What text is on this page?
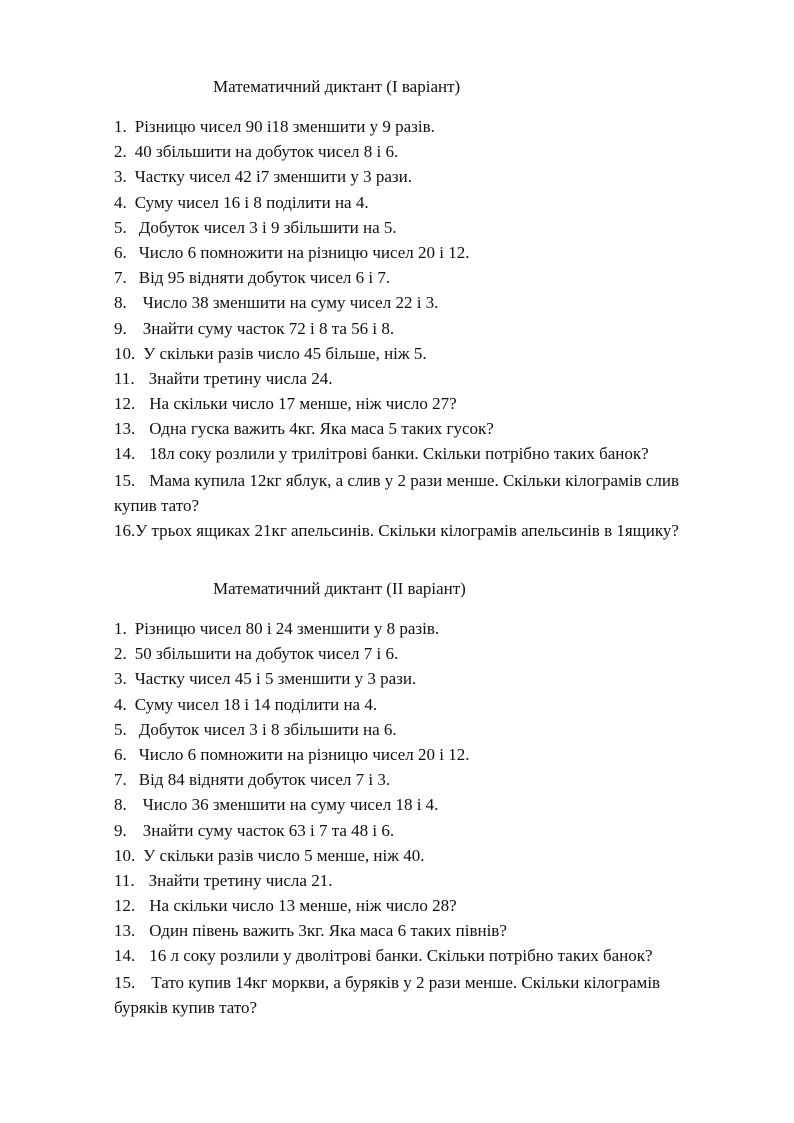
Математичний диктант (І варіант)
1. Різницю чисел 90 і18 зменшити у 9 разів.
2. 40 збільшити на добуток чисел 8 і 6.
3. Частку чисел 42 і7 зменшити у 3 рази.
4. Суму чисел 16 і 8 поділити на 4.
5. Добуток чисел 3 і 9 збільшити на 5.
6. Число 6 помножити на різницю чисел 20 і 12.
7. Від 95 відняти добуток чисел 6 і 7.
8. Число 38 зменшити на суму чисел 22 і 3.
9. Знайти суму часток 72 і 8 та 56 і 8.
10. У скільки разів число 45 більше, ніж 5.
11. Знайти третину числа 24.
12. На скільки число 17 менше, ніж число 27?
13. Одна гуска важить 4кг. Яка маса 5 таких гусок?
14. 18л соку розлили у трилітрові банки. Скільки потрібно таких банок?
15. Мама купила 12кг яблук, а слив у 2 рази менше. Скільки кілограмів слив
купив тато?
16. У трьох ящиках 21кг апельсинів. Скільки кілограмів апельсинів в 1ящику?
Математичний диктант (ІІ варіант)
1. Різницю чисел 80 і 24 зменшити у 8 разів.
2. 50 збільшити на добуток чисел 7 і 6.
3. Частку чисел 45 і 5 зменшити у 3 рази.
4. Суму чисел 18 і 14 поділити на 4.
5. Добуток чисел 3 і 8 збільшити на 6.
6. Число 6 помножити на різницю чисел 20 і 12.
7. Від 84 відняти добуток чисел 7 і 3.
8. Число 36 зменшити на суму чисел 18 і 4.
9. Знайти суму часток 63 і 7 та 48 і 6.
10. У скільки разів число 5 менше, ніж 40.
11. Знайти третину числа 21.
12. На скільки число 13 менше, ніж число 28?
13. Один півень важить 3кг. Яка маса 6 таких півнів?
14. 16 л соку розлили у дволітрові банки. Скільки потрібно таких банок?
15. Тато купив 14кг моркви, а буряків у 2 рази менше. Скільки кілограмів
буряків купив тато?
